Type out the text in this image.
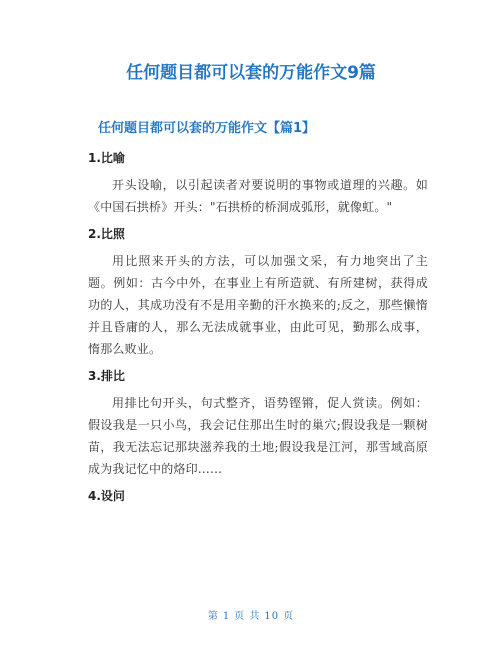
任何题目都可以套的万能作文9篇
任何题目都可以套的万能作文【篇1】
1.比喻

开头设喻，以引起读者对要说明的事物或道理的兴趣。如《中国石拱桥》开头："石拱桥的桥洞成弧形，就像虹。"

2.比照

用比照来开头的方法，可以加强文采，有力地突出了主题。例如：古今中外，在事业上有所造就、有所建树，获得成功的人，其成功没有不是用辛勤的汗水换来的;反之，那些懒惰并且昏庸的人，那么无法成就事业，由此可见，勤那么成事，惰那么败业。

3.排比

用排比句开头，句式整齐，语势铿锵，促人赏读。例如：假设我是一只小鸟，我会记住那出生时的巢穴;假设我是一颗树苗，我无法忘记那块滋养我的土地;假设我是江河，那雪域高原成为我记忆中的烙印……

4.设问
第 1 页 共 10 页
